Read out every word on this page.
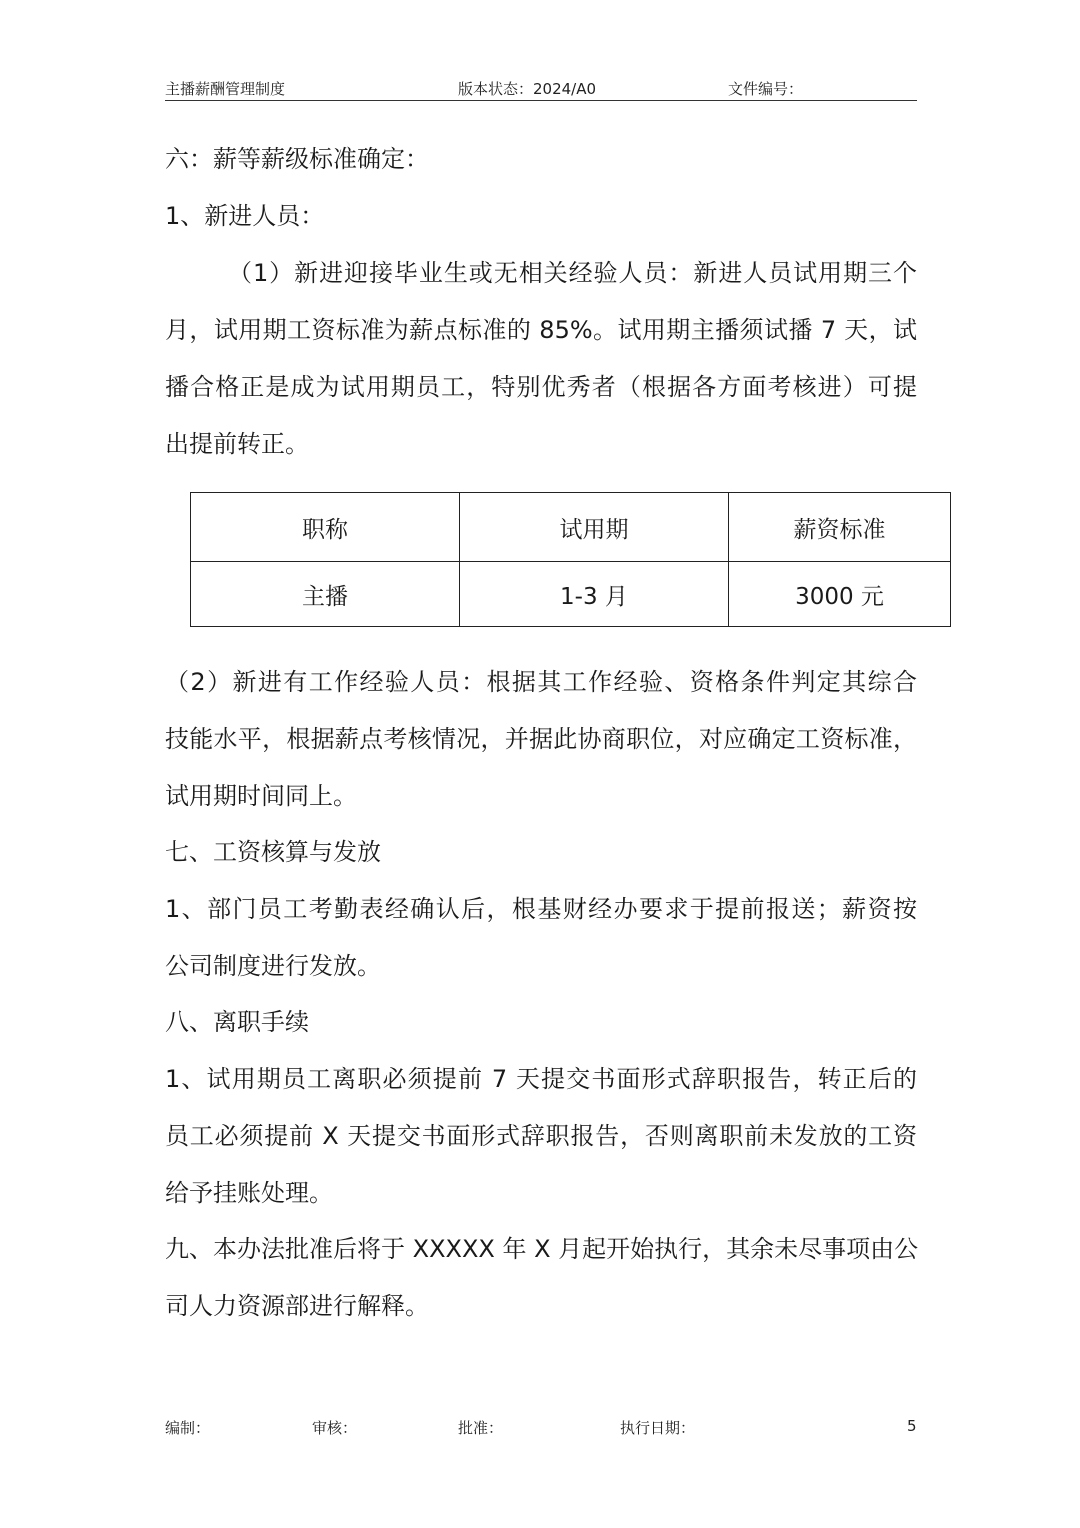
主播薪酬管理制度	版本状态：2024/A0	文件编号：
六：薪等薪级标准确定：
1、新进人员：
（1）新进迎接毕业生或无相关经验人员：新进人员试用期三个
月，试用期工资标准为薪点标准的 85%。试用期主播须试播 7 天，试
播合格正是成为试用期员工，特别优秀者（根据各方面考核进）可提
出提前转正。
职称	试用期	薪资标准
主播	1-3 月	3000 元
（2）新进有工作经验人员：根据其工作经验、资格条件判定其综合
技能水平，根据薪点考核情况，并据此协商职位，对应确定工资标准，
试用期时间同上。
七、工资核算与发放
1、部门员工考勤表经确认后，根基财经办要求于提前报送；薪资按
公司制度进行发放。
八、离职手续
1、试用期员工离职必须提前 7 天提交书面形式辞职报告，转正后的
员工必须提前 X 天提交书面形式辞职报告，否则离职前未发放的工资
给予挂账处理。
九、本办法批准后将于 XXXXX 年 X 月起开始执行，其余未尽事项由公
司人力资源部进行解释。
编制：	审核：	批准：	执行日期：	5
